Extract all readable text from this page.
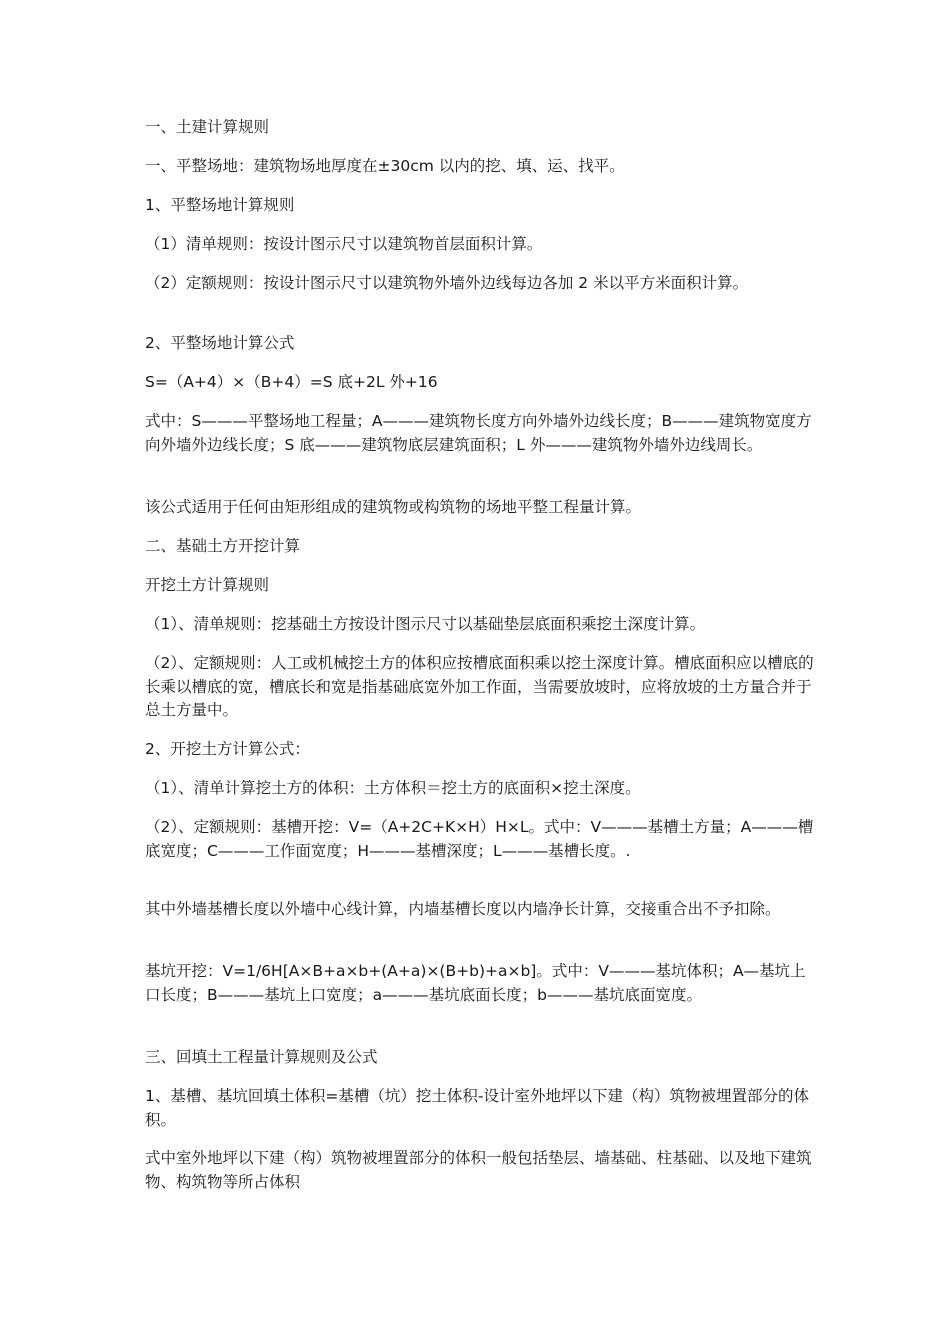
一、土建计算规则

一、平整场地：建筑物场地厚度在±30cm 以内的挖、填、运、找平。

1、平整场地计算规则

（1）清单规则：按设计图示尺寸以建筑物首层面积计算。

（2）定额规则：按设计图示尺寸以建筑物外墙外边线每边各加 2 米以平方米面积计算。

2、平整场地计算公式

S=（A+4）×（B+4）=S 底+2L 外+16

式中：S———平整场地工程量；A———建筑物长度方向外墙外边线长度；B———建筑物宽度方向外墙外边线长度；S 底———建筑物底层建筑面积；L 外———建筑物外墙外边线周长。

该公式适用于任何由矩形组成的建筑物或构筑物的场地平整工程量计算。

二、基础土方开挖计算

开挖土方计算规则

（1）、清单规则：挖基础土方按设计图示尺寸以基础垫层底面积乘挖土深度计算。

（2）、定额规则：人工或机械挖土方的体积应按槽底面积乘以挖土深度计算。槽底面积应以槽底的长乘以槽底的宽，槽底长和宽是指基础底宽外加工作面，当需要放坡时，应将放坡的土方量合并于总土方量中。

2、开挖土方计算公式：

（1）、清单计算挖土方的体积：土方体积＝挖土方的底面积×挖土深度。

（2）、定额规则：基槽开挖：V=（A+2C+K×H）H×L。式中：V———基槽土方量；A———槽底宽度；C———工作面宽度；H———基槽深度；L———基槽长度。.

其中外墙基槽长度以外墙中心线计算，内墙基槽长度以内墙净长计算，交接重合出不予扣除。

基坑开挖：V=1/6H[A×B+a×b+(A+a)×(B+b)+a×b]。式中：V———基坑体积；A—基坑上口长度；B———基坑上口宽度；a———基坑底面长度；b———基坑底面宽度。

三、回填土工程量计算规则及公式

1、基槽、基坑回填土体积=基槽（坑）挖土体积-设计室外地坪以下建（构）筑物被埋置部分的体积。

式中室外地坪以下建（构）筑物被埋置部分的体积一般包括垫层、墙基础、柱基础、以及地下建筑物、构筑物等所占体积
